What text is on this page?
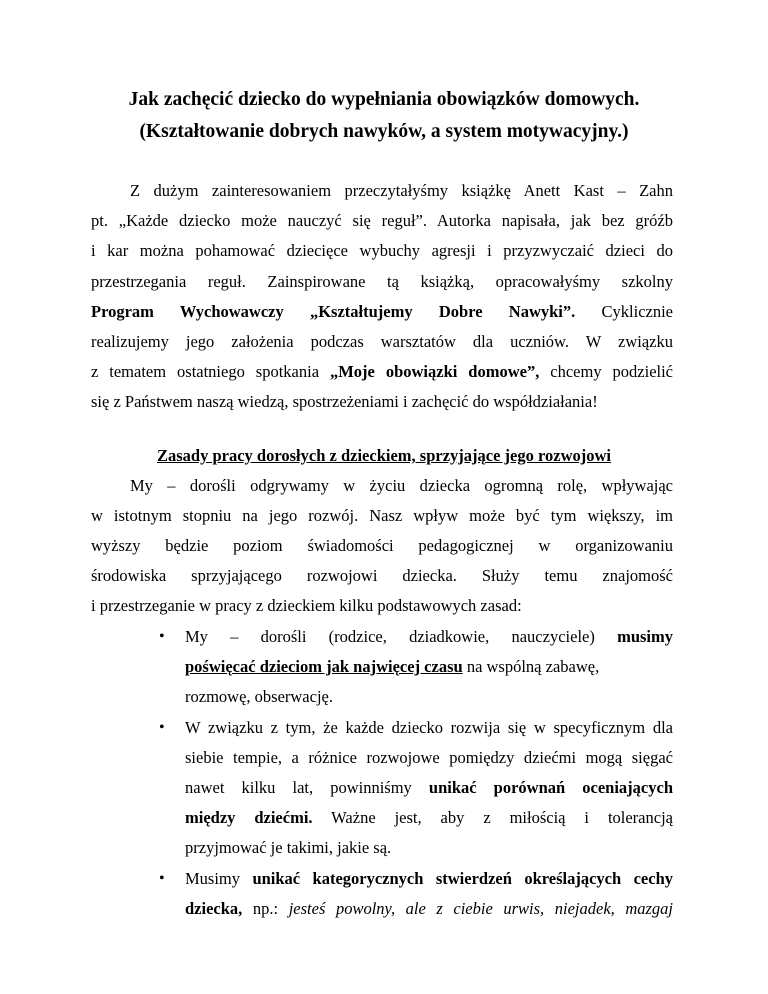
Jak zachęcić dziecko do wypełniania obowiązków domowych.
(Kształtowanie dobrych nawyków, a system motywacyjny.)
Z dużym zainteresowaniem przeczytałyśmy książkę Anett Kast – Zahn
pt. „Każde dziecko może nauczyć się reguł”. Autorka napisała, jak bez gróźb
i kar można pohamować dziecięce wybuchy agresji i przyzwyczaić dzieci do
przestrzegania reguł. Zainspirowane tą książką, opracowałyśmy szkolny
Program Wychowawczy „Kształtujemy Dobre Nawyki”. Cyklicznie
realizujemy jego założenia podczas warsztatów dla uczniów. W związku
z tematem ostatniego spotkania „Moje obowiązki domowe”, chcemy podzielić
się z Państwem naszą wiedzą, spostrzeżeniami i zachęcić do współdziałania!
Zasady pracy dorosłych z dzieckiem, sprzyjające jego rozwojowi
My – dorośli odgrywamy w życiu dziecka ogromną rolę, wpływając
w istotnym stopniu na jego rozwój. Nasz wpływ może być tym większy, im
wyższy będzie poziom świadomości pedagogicznej w organizowaniu
środowiska sprzyjającego rozwojowi dziecka. Służy temu znajomość
i przestrzeganie w pracy z dzieckiem kilku podstawowych zasad:
• My – dorośli (rodzice, dziadkowie, nauczyciele) musimy
poświęcać dzieciom jak najwięcej czasu na wspólną zabawę,
rozmowę, obserwację.
• W związku z tym, że każde dziecko rozwija się w specyficznym dla
siebie tempie, a różnice rozwojowe pomiędzy dziećmi mogą sięgać
nawet kilku lat, powinniśmy unikać porównań oceniających
między dziećmi. Ważne jest, aby z miłością i tolerancją
przyjmować je takimi, jakie są.
• Musimy unikać kategorycznych stwierdzeń określających cechy
dziecka, np.: jesteś powolny, ale z ciebie urwis, niejadek, mazgaj
